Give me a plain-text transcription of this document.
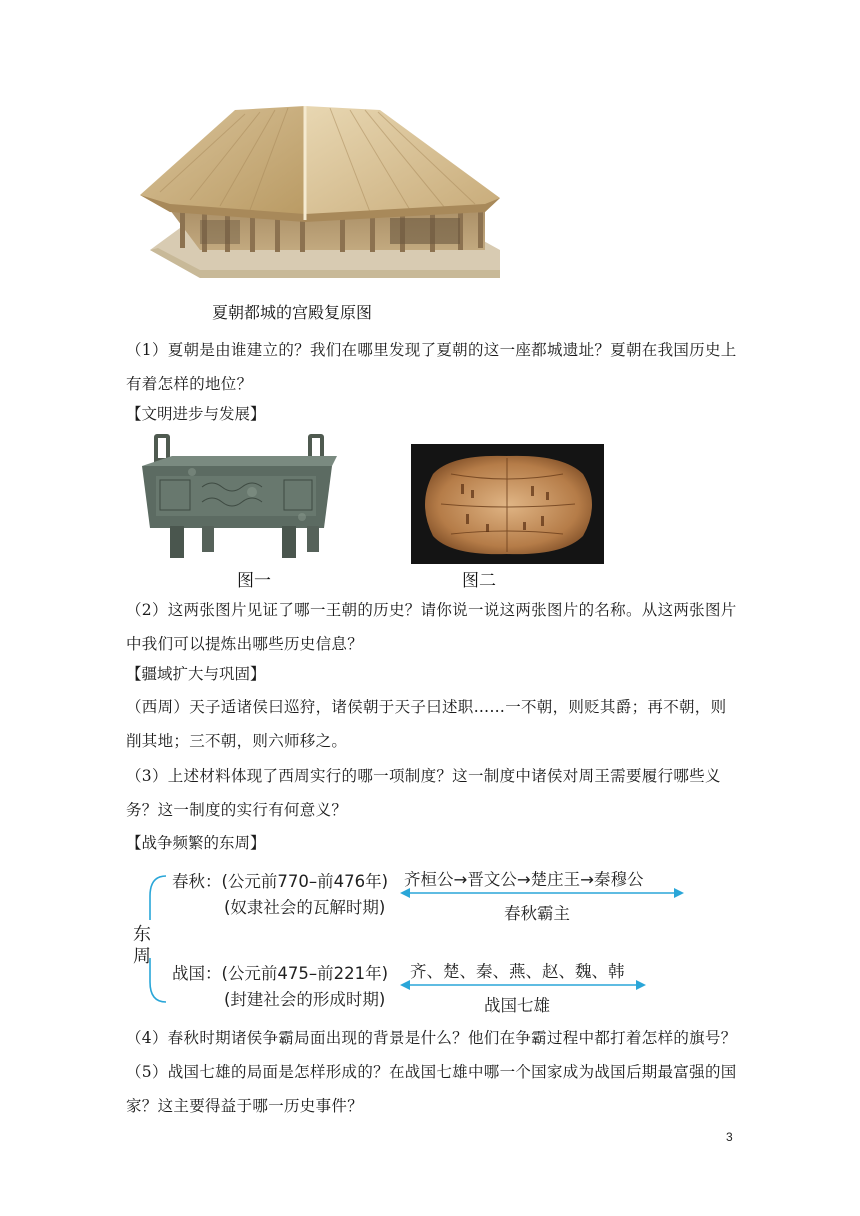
夏朝都城的宫殿复原图
（1）夏朝是由谁建立的？我们在哪里发现了夏朝的这一座都城遗址？夏朝在我国历史上有着怎样的地位？
【文明进步与发展】
图一	图二
（2）这两张图片见证了哪一王朝的历史？请你说一说这两张图片的名称。从这两张图片中我们可以提炼出哪些历史信息？
【疆域扩大与巩固】
（西周）天子适诸侯曰巡狩，诸侯朝于天子曰述职……一不朝，则贬其爵；再不朝，则削其地；三不朝，则六师移之。
（3）上述材料体现了西周实行的哪一项制度？这一制度中诸侯对周王需要履行哪些义务？这一制度的实行有何意义？
【战争频繁的东周】
东
周
春秋：(公元前770–前476年)
(奴隶社会的瓦解时期)
齐桓公→晋文公→楚庄王→秦穆公
春秋霸主
战国：(公元前475–前221年)
(封建社会的形成时期)
齐、楚、秦、燕、赵、魏、韩
战国七雄
（4）春秋时期诸侯争霸局面出现的背景是什么？他们在争霸过程中都打着怎样的旗号？
（5）战国七雄的局面是怎样形成的？在战国七雄中哪一个国家成为战国后期最富强的国家？这主要得益于哪一历史事件？
3
